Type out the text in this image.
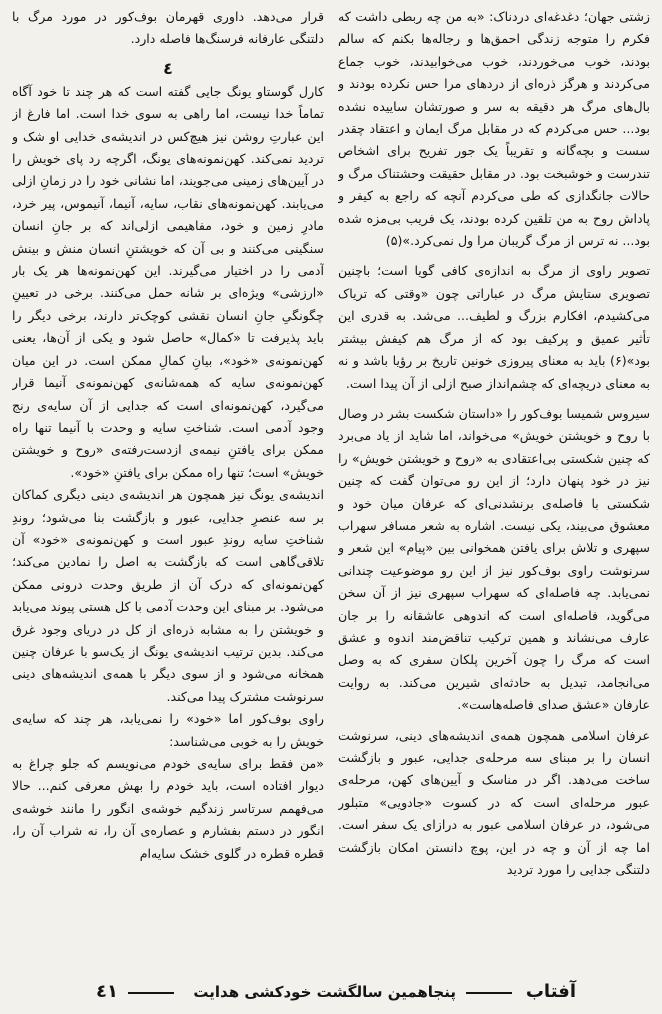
زشتی جهان؛ دغدغه‌ای دردناک: «به من چه ربطی داشت که فکرم را متوجه زندگی احمق‌ها و رجاله‌ها بکنم که سالم بودند، خوب می‌خوردند، خوب می‌خوابیدند، خوب جماع می‌کردند و هرگز ذره‌ای از دردهای مرا حس نکرده بودند و بال‌های مرگ هر دقیقه به سر و صورتشان ساییده نشده بود... حس می‌کردم که در مقابل مرگ ایمان و اعتقاد چقدر سست و بچه‌گانه و تقریباً یک جور تفریح برای اشخاص تندرست و خوشبخت بود. در مقابل حقیقت وحشتناک مرگ و حالات جانگدازی که طی می‌کردم آنچه که راجع به کیفر و پاداش روح به من تلقین کرده بودند، یک فریب بی‌مزه شده بود... نه ترس از مرگ گریبان مرا ول نمی‌کرد.»(۵)

تصویر راوی از مرگ به اندازه‌ی کافی گویا است؛ باچنین تصویری ستایش مرگ در عباراتی چون «وقتی که تریاک می‌کشیدم، افکارم بزرگ و لطیف... می‌شد. به قدری این تأثیر عمیق و پرکیف بود که از مرگ هم کیفش بیشتر بود»(۶) باید به معنای پیروزی خونین تاریخ بر رؤیا باشد و نه به معنای دریچه‌ای که چشم‌انداز صبح ازلی از آن پیدا است.

سیروس شمیسا بوف‌کور را «داستان شکست بشر در وصال با روح و خویشتن خویش» می‌خواند، اما شاید از یاد می‌برد که چنین شکستی بی‌اعتقادی به «روح و خویشتن خویش» را نیز در خود پنهان دارد؛ از این رو می‌توان گفت که چنین شکستی با فاصله‌ی برنشدنی‌ای که عرفان میان خود و معشوق می‌بیند، یکی نیست. اشاره به شعر مسافر سهراب سپهری و تلاش برای یافتن همخوانی بین «پیام» این شعر و سرنوشت راوی بوف‌کور نیز از این رو موضوعیت چندانی نمی‌یابد. چه فاصله‌ای که سهراب سپهری نیز از آن سخن می‌گوید، فاصله‌ای است که اندوهی عاشقانه را بر جان عارف می‌نشاند و همین ترکیب تناقض‌مند اندوه و عشق است که مرگ را چون آخرین پلکان سفری که به وصل می‌انجامد، تبدیل به حادثه‌ای شیرین می‌کند. به روایت عارفان «عشق صدای فاصله‌هاست».

عرفان اسلامی همچون همه‌ی اندیشه‌های دینی، سرنوشت انسان را بر مبنای سه مرحله‌ی جدایی، عبور و بازگشت ساخت می‌دهد. اگر در مناسک و آیین‌های کهن، مرحله‌ی عبور مرحله‌ای است که در کسوت «جادویی» متبلور می‌شود، در عرفان اسلامی عبور به درازای یک سفر است. اما چه از آن و چه در این، پوچ دانستن امکان بازگشت دلتنگی جدایی را مورد تردید

قرار می‌دهد. داوری قهرمان بوف‌کور در مورد مرگ با دلتنگی عارفانه فرسنگ‌ها فاصله دارد.

٤

کارل گوستاو یونگ جایی گفته است که هر چند تا خود آگاه تماماً خدا نیست، اما راهی به سوی خدا است. اما فارغ از این عبارتِ روشن نیز هیچ‌کس در اندیشه‌ی خدایی او شک و تردید نمی‌کند. کهن‌نمونه‌های یونگ، اگرچه رد پای خویش را در آیین‌های زمینی می‌جویند، اما نشانی خود را در زمانِ ازلی می‌یابند. کهن‌نمونه‌های نقاب، سایه، آنیما، آنیموس، پیر خرد، مادرِ زمین و خود، مفاهیمی ازلی‌اند که بر جانِ انسان سنگینی می‌کنند و بی آن که خویشتنِ انسان منش و بینش آدمی را در اختیار می‌گیرند. این کهن‌نمونه‌ها هر یک بار «ارزشی» ویژه‌ای بر شانه حمل می‌کنند. برخی در تعیینِ چگونگیِ جانِ انسان نقشی کوچک‌تر دارند، برخی دیگر را باید پذیرفت تا «کمال» حاصل شود و یکی از آن‌ها، یعنی کهن‌نمونه‌ی «خود»، بیانِ کمالِ ممکن است. در این میان کهن‌نمونه‌ی سایه که همه‌شانه‌ی کهن‌نمونه‌ی آنیما قرار می‌گیرد، کهن‌نمونه‌ای است که جدایی از آن سایه‌ی رنج وجود آدمی است. شناختِ سایه و وحدت با آنیما تنها راه ممکن برای یافتنِ نیمه‌ی ازدست‌رفته‌ی «روح و خویشتن خویش» است؛ تنها راه ممکن برای یافتنِ «خود».

اندیشه‌ی یونگ نیز همچون هر اندیشه‌ی دینی دیگری کماکان بر سه عنصرِ جدایی، عبور و بازگشت بنا می‌شود؛ روندِ شناختِ سایه روندِ عبور است و کهن‌نمونه‌ی «خود» آن تلاقی‌گاهی است که بازگشت به اصل را نمادین می‌کند؛ کهن‌نمونه‌ای که درک آن از طریق وحدت درونی ممکن می‌شود. بر مبنای این وحدت آدمی با کل هستی پیوند می‌یابد و خویشتن را به مشابه ذره‌ای از کل در دریای وجود غرق می‌کند. بدین ترتیب اندیشه‌ی یونگ از یک‌سو با عرفان چنین همخانه می‌شود و از سوی دیگر با همه‌ی اندیشه‌های دینی سرنوشت مشترک پیدا می‌کند.

راوی بوف‌کور اما «خود» را نمی‌یابد، هر چند که سایه‌ی خویش را به خوبی می‌شناسد:

«من فقط برای سایه‌ی خودم می‌نویسم که جلو چراغ به دیوار افتاده است، باید خودم را بهش معرفی کنم... حالا می‌فهمم سرتاسر زندگیم خوشه‌ی انگور را مانند خوشه‌ی انگور در دستم بفشارم و عصاره‌ی آن را، نه شراب آن را، قطره قطره در گلوی خشک سایه‌ام

آفتاب
پنجاهمین سالگشت خودکشی هدایت
٤١
